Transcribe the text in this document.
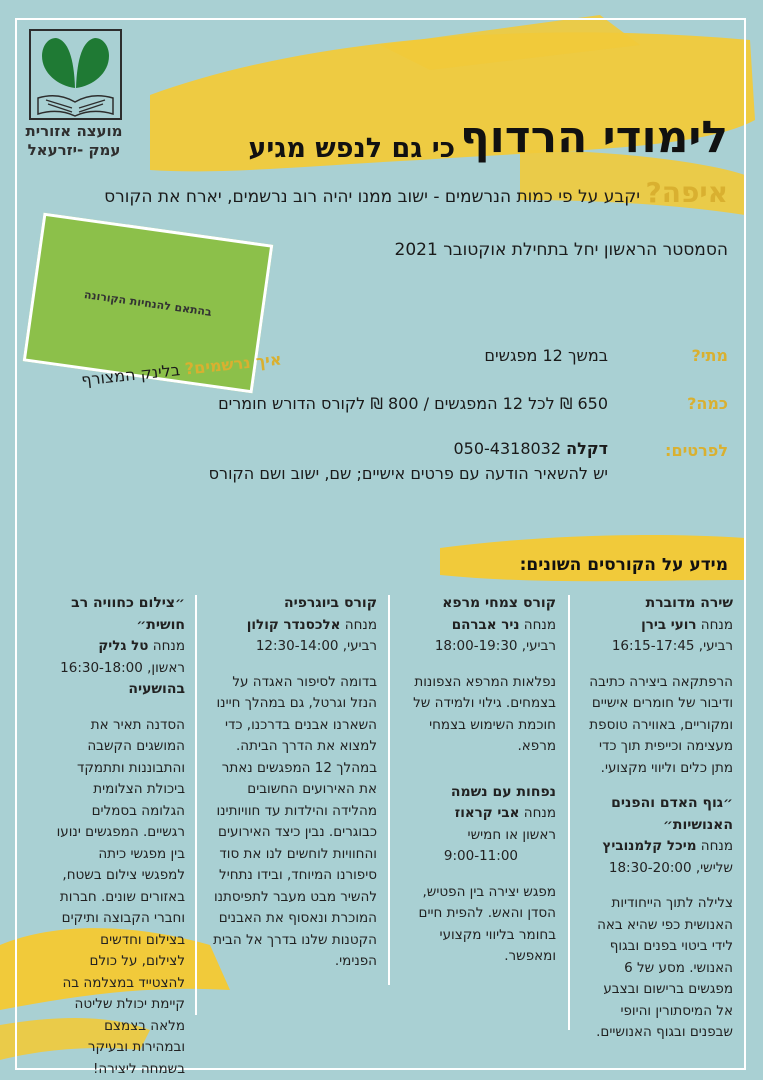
מועצה אזורית
עמק -יזרעאל	לימודי הרדוף
כי גם לנפש מגיע
איפה? יקבע על פי כמות הנרשמים - ישוב ממנו יהיה רוב נרשמים, יארח את הקורס
הסמסטר הראשון יחל בתחילת אוקטובר 2021
בהתאם להנחיות הקורונה
איך נרשמים? בלינק המצורף
מתי?
במשך 12 מפגשים
כמה?
650 ₪ לכל 12 המפגשים / 800 ₪ לקורס הדורש חומרים
לפרטים:
דקלה 050-4318032
יש להשאיר הודעה עם פרטים אישיים; שם, ישוב ושם הקורס
מידע על הקורסים השונים:
שירה מדוברת
מנחה רועי בירן
רביעי, 16:15-17:45
הרפתקאה ביצירה כתיבה ודיבור של חומרים אישיים ומקוריים, באווירה טוספת מעצימה וכייפית תוך כדי מתן כלים וליווי מקצועי.
״גוף האדם והפנים האנושיות״
מנחה מיכל קלמנוביץ
שלישי, 18:30-20:00
צלילה לתוך הייחודיות האנושית כפי שהיא באה לידי ביטוי בפנים ובגוף האנושי. מסע של 6 מפגשים ברישום ובצבע אל המיסתורין והיופי שבפנים ובגוף האנושיים.
קורס צמחי מרפא
מנחה ניר אברהם
רביעי, 18:00-19:30
נפלאות המרפא הצפונות בצמחים. גילוי ולמידה של חוכמת השימוש בצמחי מרפא.
נפחות עם נשמה
מנחה אבי קראוז
ראשון או חמישי
9:00-11:00
מפגש יצירה בין הפטיש, הסדן והאש. להפית חיים בחומר בליווי מקצועי ומאפשר.
קורס ביוגרפיה
מנחה אלכסנדר קולון
רביעי, 12:30-14:00
בדומה לסיפור האגדה על הנזל וגרטל, גם במהלך חיינו השארנו אבנים בדרכנו, כדי למצוא את הדרך הביתה. במהלך 12 המפגשים נאתר את האירועים החשובים מהלידה והילדות עד חוויותינו כבוגרים. נבין כיצד האירועים והחוויות לוחשים לנו את סוד סיפורנו המיוחד, ובידו נתחיל להשיר מבט מעבר לתפיסתנו המוכרת ונאסוף את האבנים הקטנות שלנו בדרך אל הבית הפנימי.
״צילום כחוויה רב חושית״
מנחה טל גליק
ראשון, 16:30-18:00
בהושעיה
הסדנה תאיר את המושגים הקשבה והתבוננות ותתמקד ביכולת הצלומית הגלומה בסמלים רגשיים. המפגשים ינועו בין מפגשי כיתה למפגשי צילום בשטח, באזורים שונים. חברות וחברי הקבוצה ותיקים בצילום וחדשים לצילום, על כולם להצטייד במצלמה בה קיימת יכולת שליטה מלאה בצמצם ובמהירות ובעיקר בשמחה ליצירה!
